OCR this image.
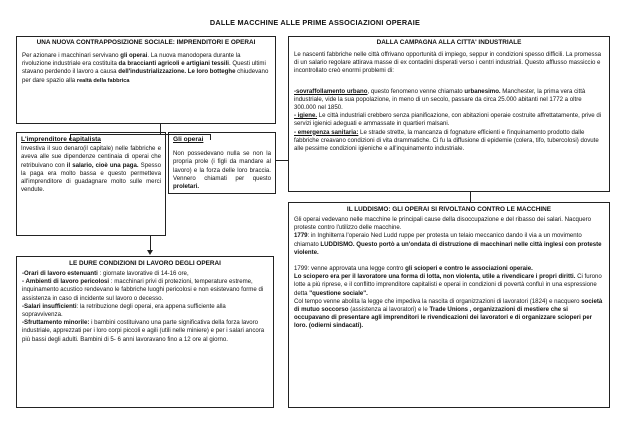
DALLE MACCHINE ALLE PRIME ASSOCIAZIONI OPERAIE
UNA NUOVA CONTRAPPOSIZIONE SOCIALE: IMPRENDITORI E OPERAI

Per azionare i macchinari servivano gli operai. La nuova manodopera durante la rivoluzione industriale era costituita da braccianti agricoli e artigiani tessili. Questi ultimi stavano perdendo il lavoro a causa dell'industrializzazione. Le loro botteghe chiudevano per dare spazio alla realtà della fabbrica

L'imprenditore capitalista

Investiva il suo denaro(il capitale) nelle fabbriche e aveva alle sue dipendenze centinaia di operai che retribuivano con il salario, cioè una paga. Spesso la paga era molto bassa e questo permetteva all'imprenditore di guadagnare molto sulle merci vendute.

Gli operai

Non possedevano nulla se non la propria prole (i figli da mandare al lavoro) e la forza delle loro braccia. Vennero chiamati per questo proletari.

LE DURE CONDIZIONI DI LAVORO DEGLI OPERAI

-Orari di lavoro estenuanti : giornate lavorative di 14-16 ore,

- Ambienti di lavoro pericolosi : macchinari privi di protezioni, temperature estreme, inquinamento acustico rendevano le fabbriche luoghi pericolosi e non esistevano forme di assistenza in caso di incidente sul lavoro o decesso.

-Salari insufficienti: la retribuzione degli operai, era appena sufficiente alla sopravvivenza.

-Sfruttamento minorile: i bambini costituivano una parte significativa della forza lavoro industriale, apprezzati per i loro corpi piccoli e agili (utili nelle miniere) e per i salari ancora più bassi degli adulti. Bambini di 5- 6 anni lavoravano fino a 12 ore al giorno.

DALLA CAMPAGNA ALLA CITTA' INDUSTRIALE

Le nascenti fabbriche nelle città offrivano opportunità di impiego, seppur in condizioni spesso difficili. La promessa di un salario regolare attirava masse di ex contadini disperati verso i centri industriali. Questo afflusso massiccio e incontrollato creò enormi problemi di:

-sovraffollamento urbano, questo fenomeno venne chiamato urbanesimo. Manchester, la prima vera città industriale, vide la sua popolazione, in meno di un secolo, passare da circa 25.000 abitanti nel 1772 a oltre 300.000 nel 1850.

- igiene. Le città industriali crebbero senza pianificazione, con abitazioni operaie costruite affrettatamente, prive di servizi igienici adeguati e ammassate in quartieri malsani.

- emergenza sanitaria: Le strade strette, la mancanza di fognature efficienti e l'inquinamento prodotto dalle fabbriche creavano condizioni di vita drammatiche. Ci fu la diffusione di epidemie (colera, tifo, tubercolosi) dovute alle pessime condizioni igieniche e all'inquinamento industriale.

IL LUDDISMO: GLI OPERAI SI RIVOLTANO CONTRO LE MACCHINE

Gli operai vedevano nelle macchine le principali cause della disoccupazione e del ribasso dei salari. Nacquero proteste contro l'utilizzo delle macchine.

1779: in Inghilterra l'operaio Ned Ludd ruppe per protesta un telaio meccanico dando il via a un movimento chiamato LUDDISMO. Questo portò a un'ondata di distruzione di macchinari nelle città inglesi con proteste violente.

1799: venne approvata una legge contro gli scioperi e contro le associazioni operaie.

Lo sciopero era per il lavoratore una forma di lotta, non violenta, utile a rivendicare i propri diritti. Ci furono lotte a più riprese, e il conflitto imprenditore capitalisti e operai in condizioni di povertà confluì in una espressione detta "questione sociale".

Col tempo venne abolita la legge che impediva la nascita di organizzazioni di lavoratori (1824) e nacquero società di mutuo soccorso (assistenza ai lavoratori) e le Trade Unions , organizzazioni di mestiere che si occupavano di presentare agli imprenditori le rivendicazioni dei lavoratori e di organizzare scioperi per loro. (odierni sindacati).
